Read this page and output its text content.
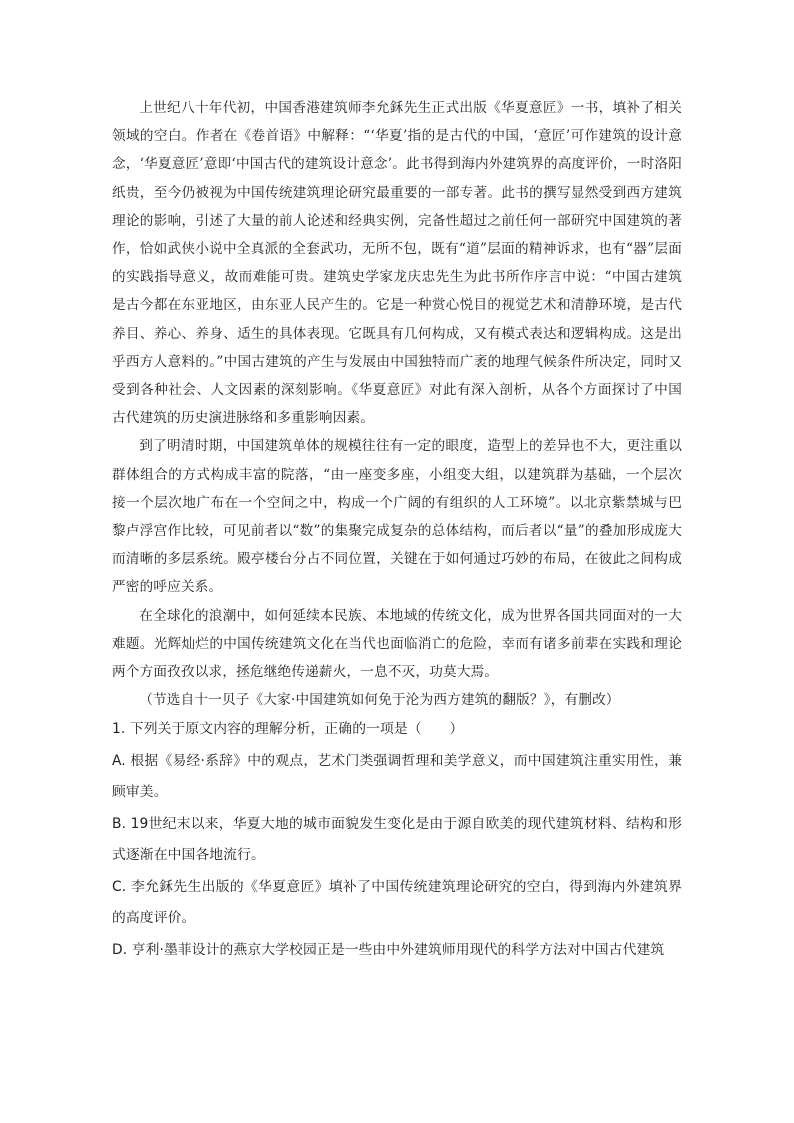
上世纪八十年代初，中国香港建筑师李允鉌先生正式出版《华夏意匠》一书，填补了相关领域的空白。作者在《卷首语》中解释：“‘华夏’指的是古代的中国，‘意匠’可作建筑的设计意念，‘华夏意匠’意即‘中国古代的建筑设计意念’。此书得到海内外建筑界的高度评价，一时洛阳纸贵，至今仍被视为中国传统建筑理论研究最重要的一部专著。此书的撰写显然受到西方建筑理论的影响，引述了大量的前人论述和经典实例，完备性超过之前任何一部研究中国建筑的著作，恰如武侠小说中全真派的全套武功，无所不包，既有“道”层面的精神诉求，也有“器”层面的实践指导意义，故而难能可贵。建筑史学家龙庆忠先生为此书所作序言中说：“中国古建筑是古今都在东亚地区，由东亚人民产生的。它是一种赏心悦目的视觉艺术和清静环境，是古代养目、养心、养身、适生的具体表现。它既具有几何构成，又有模式表达和逻辑构成。这是出乎西方人意料的。”中国古建筑的产生与发展由中国独特而广袤的地理气候条件所决定，同时又受到各种社会、人文因素的深刻影响。《华夏意匠》对此有深入剖析，从各个方面探讨了中国古代建筑的历史演进脉络和多重影响因素。

到了明清时期，中国建筑单体的规模往往有一定的眼度，造型上的差异也不大，更注重以群体组合的方式构成丰富的院落，“由一座变多座，小组变大组，以建筑群为基础，一个层次接一个层次地广布在一个空间之中，构成一个广阔的有组织的人工环境”。以北京紫禁城与巴黎卢浮宫作比较，可见前者以“数”的集聚完成复杂的总体结构，而后者以“量”的叠加形成庞大而清晰的多层系统。殿亭楼台分占不同位置，关键在于如何通过巧妙的布局，在彼此之间构成严密的呼应关系。

在全球化的浪潮中，如何延续本民族、本地域的传统文化，成为世界各国共同面对的一大难题。光辉灿烂的中国传统建筑文化在当代也面临消亡的危险，幸而有诸多前辈在实践和理论两个方面孜孜以求，拯危继绝传递薪火，一息不灭，功莫大焉。

（节选自十一贝子《大家·中国建筑如何免于沦为西方建筑的翻版？》，有删改）

1. 下列关于原文内容的理解分析，正确的一项是（　　）

A. 根据《易经·系辞》中的观点，艺术门类强调哲理和美学意义，而中国建筑注重实用性，兼顾审美。

B. 19世纪末以来，华夏大地的城市面貌发生变化是由于源自欧美的现代建筑材料、结构和形式逐渐在中国各地流行。

C. 李允鉌先生出版的《华夏意匠》填补了中国传统建筑理论研究的空白，得到海内外建筑界的高度评价。

D. 亨利·墨菲设计的燕京大学校园正是一些由中外建筑师用现代的科学方法对中国古代建筑
